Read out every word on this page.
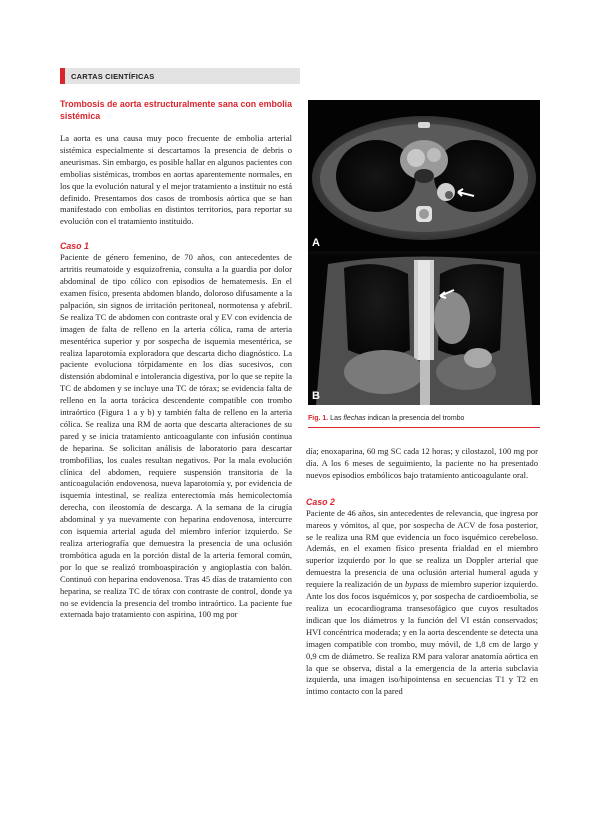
CARTAS CIENTÍFICAS
Trombosis de aorta estructuralmente sana con embolia sistémica

La aorta es una causa muy poco frecuente de embolia arterial sistémica especialmente si descartamos la presencia de debris o aneurismas. Sin embargo, es posible hallar en algunos pacientes con embolias sistémicas, trombos en aortas aparentemente normales, en los que la evolución natural y el mejor tratamiento a instituir no está definido. Presentamos dos casos de trombosis aórtica que se han manifestado con embolias en distintos territorios, para reportar su evolución con el tratamiento instituido.

Caso 1

Paciente de género femenino, de 70 años, con antecedentes de artritis reumatoide y esquizofrenia, consulta a la guardia por dolor abdominal de tipo cólico con episodios de hematemesis. En el examen físico, presenta abdomen blando, doloroso difusamente a la palpación, sin signos de irritación peritoneal, normotensa y afebril. Se realiza TC de abdomen con contraste oral y EV con evidencia de imagen de falta de relleno en la arteria cólica, rama de arteria mesentérica superior y por sospecha de isquemia mesentérica, se realiza laparotomía exploradora que descarta dicho diagnóstico. La paciente evoluciona tórpidamente en los días sucesivos, con distensión abdominal e intolerancia digestiva, por lo que se repite la TC de abdomen y se incluye una TC de tórax; se evidencia falta de relleno en la aorta torácica descendente compatible con trombo intraórtico (Figura 1 a y b) y también falta de relleno en la arteria cólica. Se realiza una RM de aorta que descarta alteraciones de su pared y se inicia tratamiento anticoagulante con infusión continua de heparina. Se solicitan análisis de laboratorio para descartar trombofilias, los cuales resultan negativos. Por la mala evolución clínica del abdomen, requiere suspensión transitoria de la anticoagulación endovenosa, nueva laparotomía y, por evidencia de isquemia intestinal, se realiza enterectomía más hemicolectomía derecha, con ileostomía de descarga. A la semana de la cirugía abdominal y ya nuevamente con heparina endovenosa, intercurre con isquemia arterial aguda del miembro inferior izquierdo. Se realiza arteriografía que demuestra la presencia de una oclusión trombótica aguda en la porción distal de la arteria femoral común, por lo que se realizó tromboaspiración y angioplastia con balón. Continuó con heparina endovenosa. Tras 45 días de tratamiento con heparina, se realiza TC de tórax con contraste de control, donde ya no se evidencia la presencia del trombo intraórtico. La paciente fue externada bajo tratamiento con aspirina, 100 mg por

A
B
Fig. 1. Las flechas indican la presencia del trombo

día; enoxaparina, 60 mg SC cada 12 horas; y cilostazol, 100 mg por día. A los 6 meses de seguimiento, la paciente no ha presentado nuevos episodios embólicos bajo tratamiento anticoagulante oral.

Caso 2

Paciente de 46 años, sin antecedentes de relevancia, que ingresa por mareos y vómitos, al que, por sospecha de ACV de fosa posterior, se le realiza una RM que evidencia un foco isquémico cerebeloso. Además, en el examen físico presenta frialdad en el miembro superior izquierdo por lo que se realiza un Doppler arterial que demuestra la presencia de una oclusión arterial humeral aguda y requiere la realización de un bypass de miembro superior izquierdo. Ante los dos focos isquémicos y, por sospecha de cardioembolia, se realiza un ecocardiograma transesofágico que cuyos resultados indican que los diámetros y la función del VI están conservados; HVI concéntrica moderada; y en la aorta descendente se detecta una imagen compatible con trombo, muy móvil, de 1,8 cm de largo y 0,9 cm de diámetro. Se realiza RM para valorar anatomía aórtica en la que se observa, distal a la emergencia de la arteria subclavia izquierda, una imagen iso/hipointensa en secuencias T1 y T2 en íntimo contacto con la pared
